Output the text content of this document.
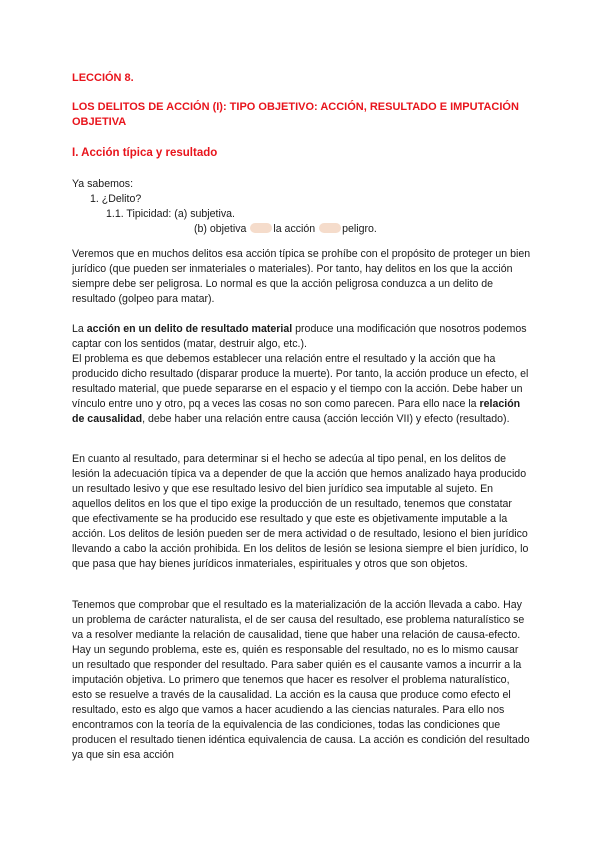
LECCIÓN 8.
LOS DELITOS DE ACCIÓN (I): TIPO OBJETIVO: ACCIÓN, RESULTADO E IMPUTACIÓN OBJETIVA
I. Acción típica y resultado
Ya sabemos:
1. ¿Delito?
1.1. Tipicidad: (a) subjetiva.
(b) objetiva	la acción	peligro.

Veremos que en muchos delitos esa acción típica se prohíbe con el propósito de proteger un bien jurídico (que pueden ser inmateriales o materiales). Por tanto, hay delitos en los que la acción siempre debe ser peligrosa. Lo normal es que la acción peligrosa conduzca a un delito de resultado (golpeo para matar).

La acción en un delito de resultado material produce una modificación que nosotros podemos captar con los sentidos (matar, destruir algo, etc.).

El problema es que debemos establecer una relación entre el resultado y la acción que ha producido dicho resultado (disparar produce la muerte). Por tanto, la acción produce un efecto, el resultado material, que puede separarse en el espacio y el tiempo con la acción. Debe haber un vínculo entre uno y otro, pq a veces las cosas no son como parecen. Para ello nace la relación de causalidad, debe haber una relación entre causa (acción lección VII) y efecto (resultado).

En cuanto al resultado, para determinar si el hecho se adecúa al tipo penal, en los delitos de lesión la adecuación típica va a depender de que la acción que hemos analizado haya producido un resultado lesivo y que ese resultado lesivo del bien jurídico sea imputable al sujeto. En aquellos delitos en los que el tipo exige la producción de un resultado, tenemos que constatar que efectivamente se ha producido ese resultado y que este es objetivamente imputable a la acción. Los delitos de lesión pueden ser de mera actividad o de resultado, lesiono el bien jurídico llevando a cabo la acción prohibida. En los delitos de lesión se lesiona siempre el bien jurídico, lo que pasa que hay bienes jurídicos inmateriales, espirituales y otros que son objetos.

Tenemos que comprobar que el resultado es la materialización de la acción llevada a cabo. Hay un problema de carácter naturalista, el de ser causa del resultado, ese problema naturalístico se va a resolver mediante la relación de causalidad, tiene que haber una relación de causa-efecto. Hay un segundo problema, este es, quién es responsable del resultado, no es lo mismo causar un resultado que responder del resultado. Para saber quién es el causante vamos a incurrir a la imputación objetiva. Lo primero que tenemos que hacer es resolver el problema naturalístico, esto se resuelve a través de la causalidad. La acción es la causa que produce como efecto el resultado, esto es algo que vamos a hacer acudiendo a las ciencias naturales. Para ello nos encontramos con la teoría de la equivalencia de las condiciones, todas las condiciones que producen el resultado tienen idéntica equivalencia de causa. La acción es condición del resultado ya que sin esa acción
